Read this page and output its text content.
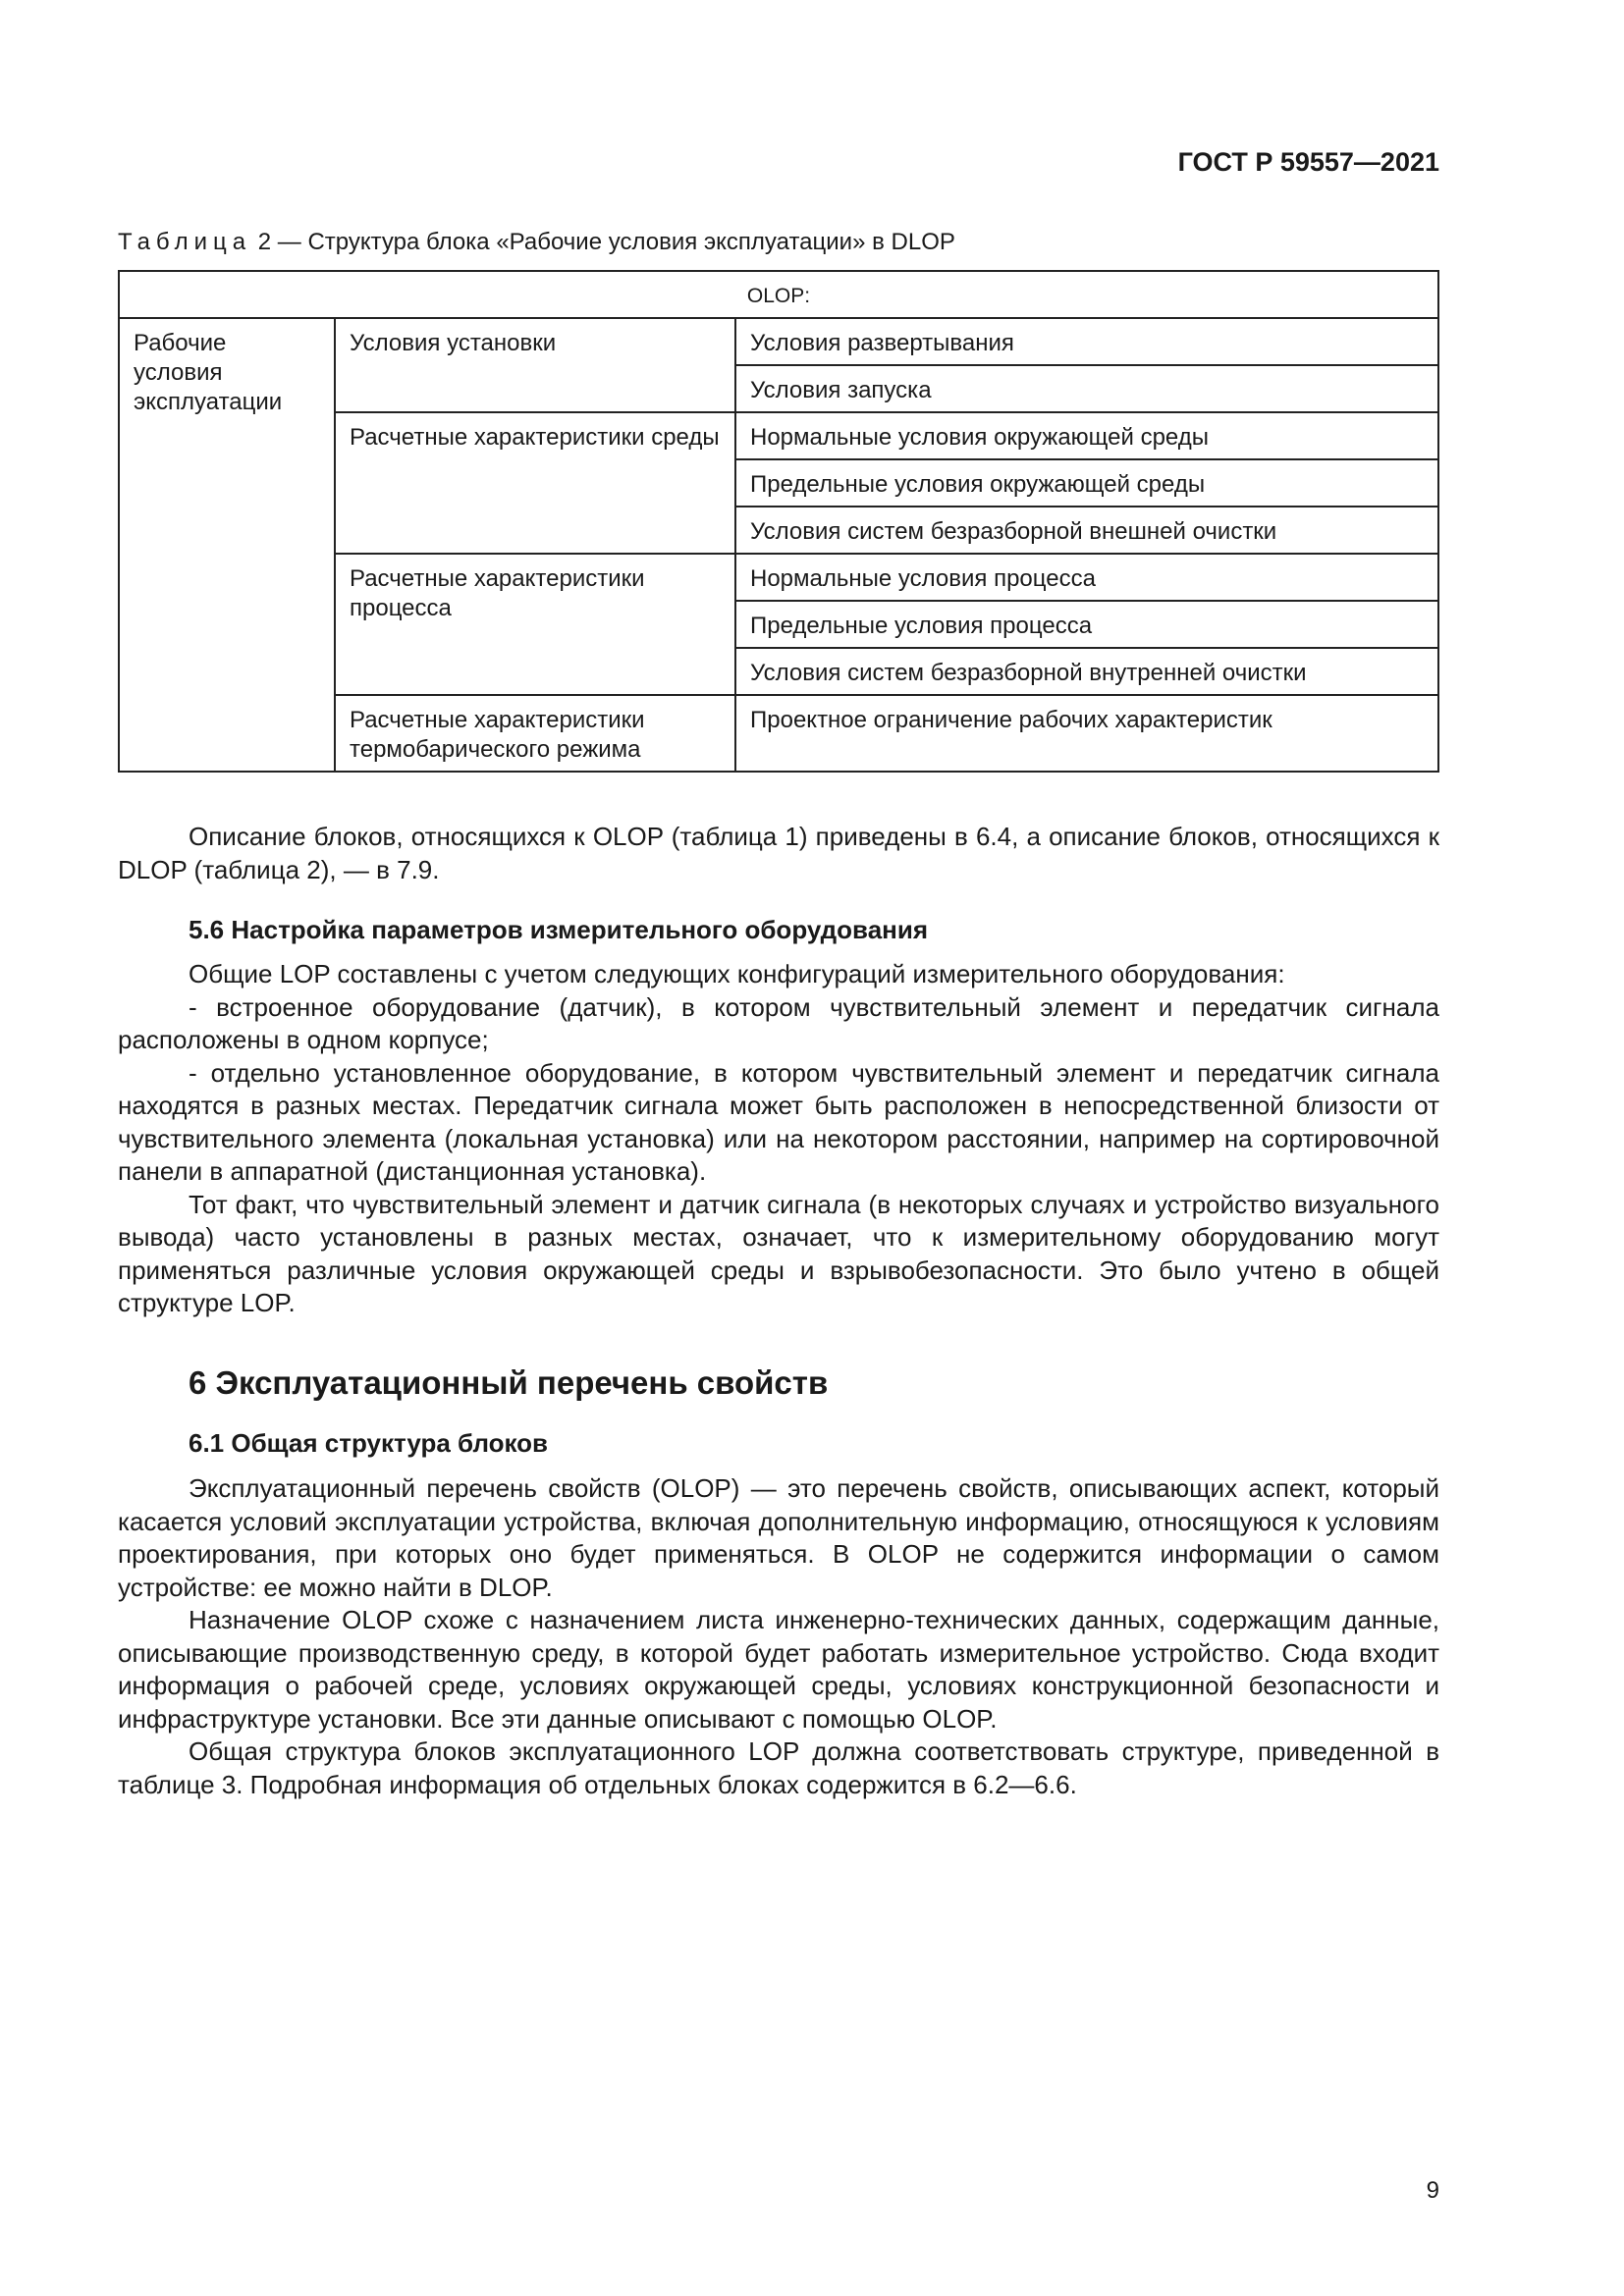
ГОСТ Р 59557—2021
Таблица 2 — Структура блока «Рабочие условия эксплуатации» в DLOP
OLOP:		
Рабочие условия эксплуатации	Условия установки	Условия развертывания
		Условия запуска
	Расчетные характеристики среды	Нормальные условия окружающей среды
		Предельные условия окружающей среды
		Условия систем безразборной внешней очистки
	Расчетные характеристики процесса	Нормальные условия процесса
		Предельные условия процесса
		Условия систем безразборной внутренней очистки
	Расчетные характеристики термобарического режима	Проектное ограничение рабочих характеристик

Описание блоков, относящихся к OLOP (таблица 1) приведены в 6.4, а описание блоков, относящихся к DLOP (таблица 2), — в 7.9.

5.6 Настройка параметров измерительного оборудования

Общие LOP составлены с учетом следующих конфигураций измерительного оборудования:

- встроенное оборудование (датчик), в котором чувствительный элемент и передатчик сигнала расположены в одном корпусе;

- отдельно установленное оборудование, в котором чувствительный элемент и передатчик сигнала находятся в разных местах. Передатчик сигнала может быть расположен в непосредственной близости от чувствительного элемента (локальная установка) или на некотором расстоянии, например на сортировочной панели в аппаратной (дистанционная установка).

Тот факт, что чувствительный элемент и датчик сигнала (в некоторых случаях и устройство визуального вывода) часто установлены в разных местах, означает, что к измерительному оборудованию могут применяться различные условия окружающей среды и взрывобезопасности. Это было учтено в общей структуре LOP.

6 Эксплуатационный перечень свойств
6.1 Общая структура блоков

Эксплуатационный перечень свойств (OLOP) — это перечень свойств, описывающих аспект, который касается условий эксплуатации устройства, включая дополнительную информацию, относящуюся к условиям проектирования, при которых оно будет применяться. В OLOP не содержится информации о самом устройстве: ее можно найти в DLOP.

Назначение OLOP схоже с назначением листа инженерно-технических данных, содержащим данные, описывающие производственную среду, в которой будет работать измерительное устройство. Сюда входит информация о рабочей среде, условиях окружающей среды, условиях конструкционной безопасности и инфраструктуре установки. Все эти данные описывают с помощью OLOP.

Общая структура блоков эксплуатационного LOP должна соответствовать структуре, приведенной в таблице 3. Подробная информация об отдельных блоках содержится в 6.2—6.6.

9
